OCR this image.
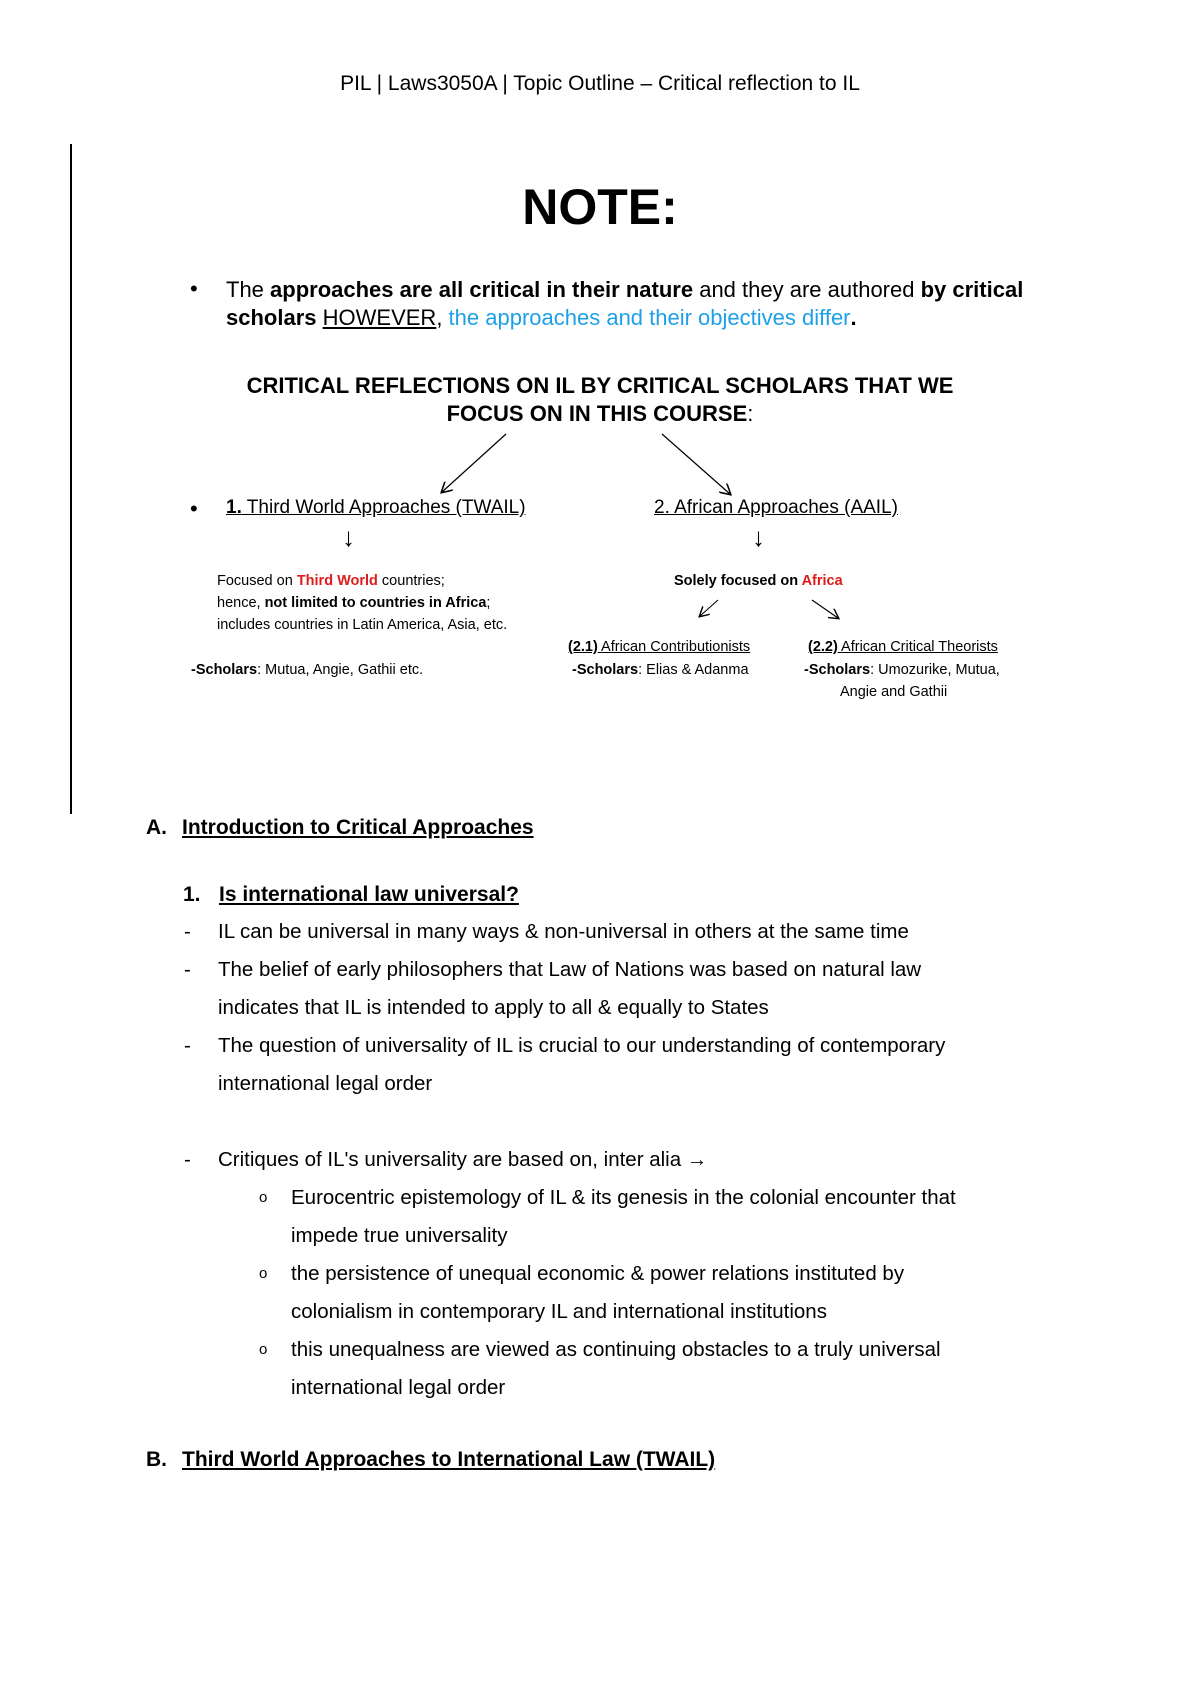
PIL | Laws3050A | Topic Outline – Critical reflection to IL
NOTE:
• The approaches are all critical in their nature and they are authored by critical scholars HOWEVER, the approaches and their objectives differ.
CRITICAL REFLECTIONS ON IL BY CRITICAL SCHOLARS THAT WE
FOCUS ON IN THIS COURSE:
• 1. Third World Approaches (TWAIL)
↓
Focused on Third World countries;
hence, not limited to countries in Africa;
includes countries in Latin America, Asia, etc.
-Scholars: Mutua, Angie, Gathii etc.
2. African Approaches (AAIL)
↓
Solely focused on Africa
(2.1) African Contributionists
-Scholars: Elias & Adanma
(2.2) African Critical Theorists
-Scholars: Umozurike, Mutua,
Angie and Gathii
A. Introduction to Critical Approaches
1. Is international law universal?
- IL can be universal in many ways & non-universal in others at the same time
- The belief of early philosophers that Law of Nations was based on natural law
indicates that IL is intended to apply to all & equally to States
- The question of universality of IL is crucial to our understanding of contemporary
international legal order
- Critiques of IL's universality are based on, inter alia →
o Eurocentric epistemology of IL & its genesis in the colonial encounter that
impede true universality
o the persistence of unequal economic & power relations instituted by
colonialism in contemporary IL and international institutions
o this unequalness are viewed as continuing obstacles to a truly universal
international legal order
B. Third World Approaches to International Law (TWAIL)
